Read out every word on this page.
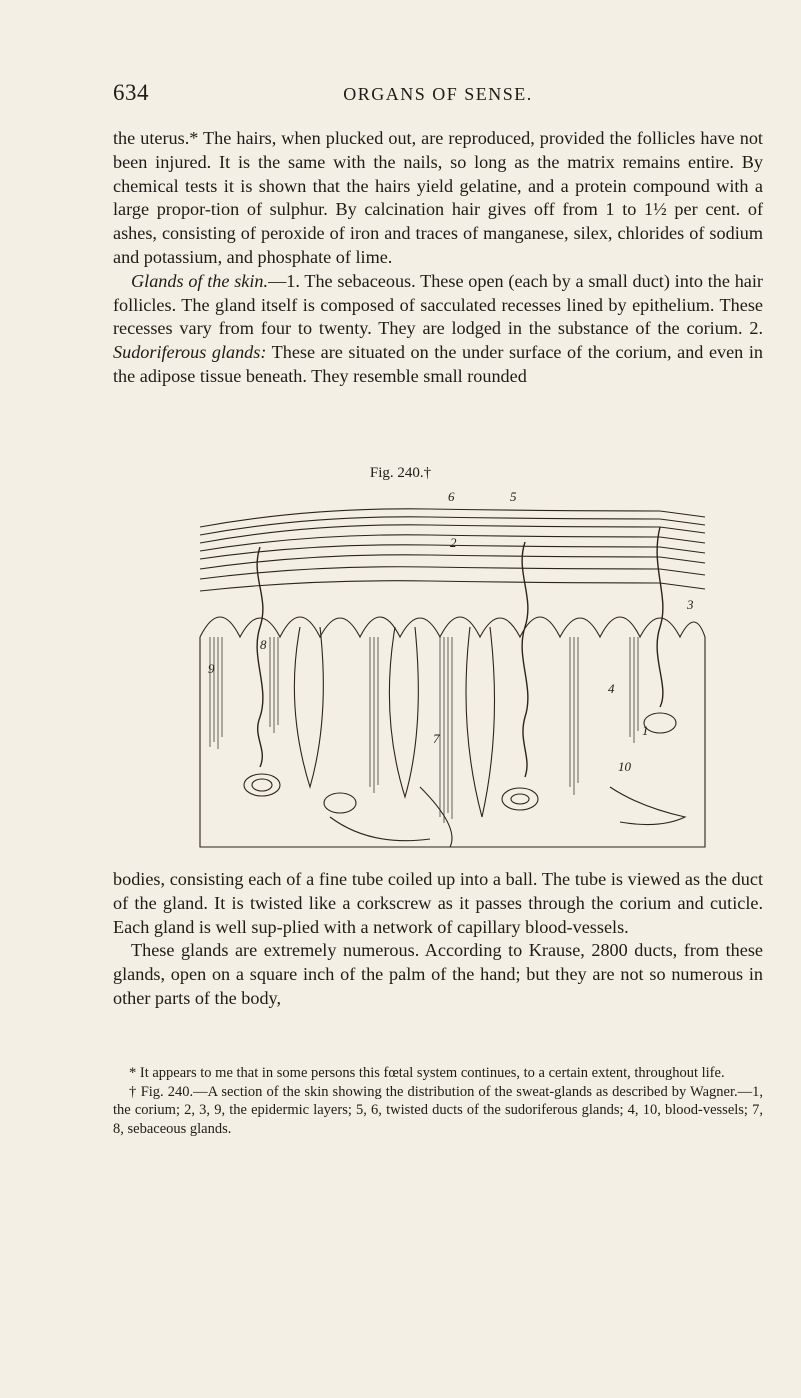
634	ORGANS OF SENSE.

the uterus.* The hairs, when plucked out, are reproduced, provided the follicles have not been injured. It is the same with the nails, so long as the matrix remains entire. By chemical tests it is shown that the hairs yield gelatine, and a protein compound with a large propor-tion of sulphur. By calcination hair gives off from 1 to 1½ per cent. of ashes, consisting of peroxide of iron and traces of manganese, silex, chlorides of sodium and potassium, and phosphate of lime.

Glands of the skin.—1. The sebaceous. These open (each by a small duct) into the hair follicles. The gland itself is composed of sacculated recesses lined by epithelium. These recesses vary from four to twenty. They are lodged in the substance of the corium. 2. Sudoriferous glands: These are situated on the under surface of the corium, and even in the adipose tissue beneath. They resemble small rounded

Fig. 240.†
6	5
2
3
8
9
4
1
7
10

bodies, consisting each of a fine tube coiled up into a ball. The tube is viewed as the duct of the gland. It is twisted like a corkscrew as it passes through the corium and cuticle. Each gland is well sup-plied with a network of capillary blood-vessels.

These glands are extremely numerous. According to Krause, 2800 ducts, from these glands, open on a square inch of the palm of the hand; but they are not so numerous in other parts of the body,

* It appears to me that in some persons this fœtal system continues, to a certain extent, throughout life.

† Fig. 240.—A section of the skin showing the distribution of the sweat-glands as described by Wagner.—1, the corium; 2, 3, 9, the epidermic layers; 5, 6, twisted ducts of the sudoriferous glands; 4, 10, blood-vessels; 7, 8, sebaceous glands.
